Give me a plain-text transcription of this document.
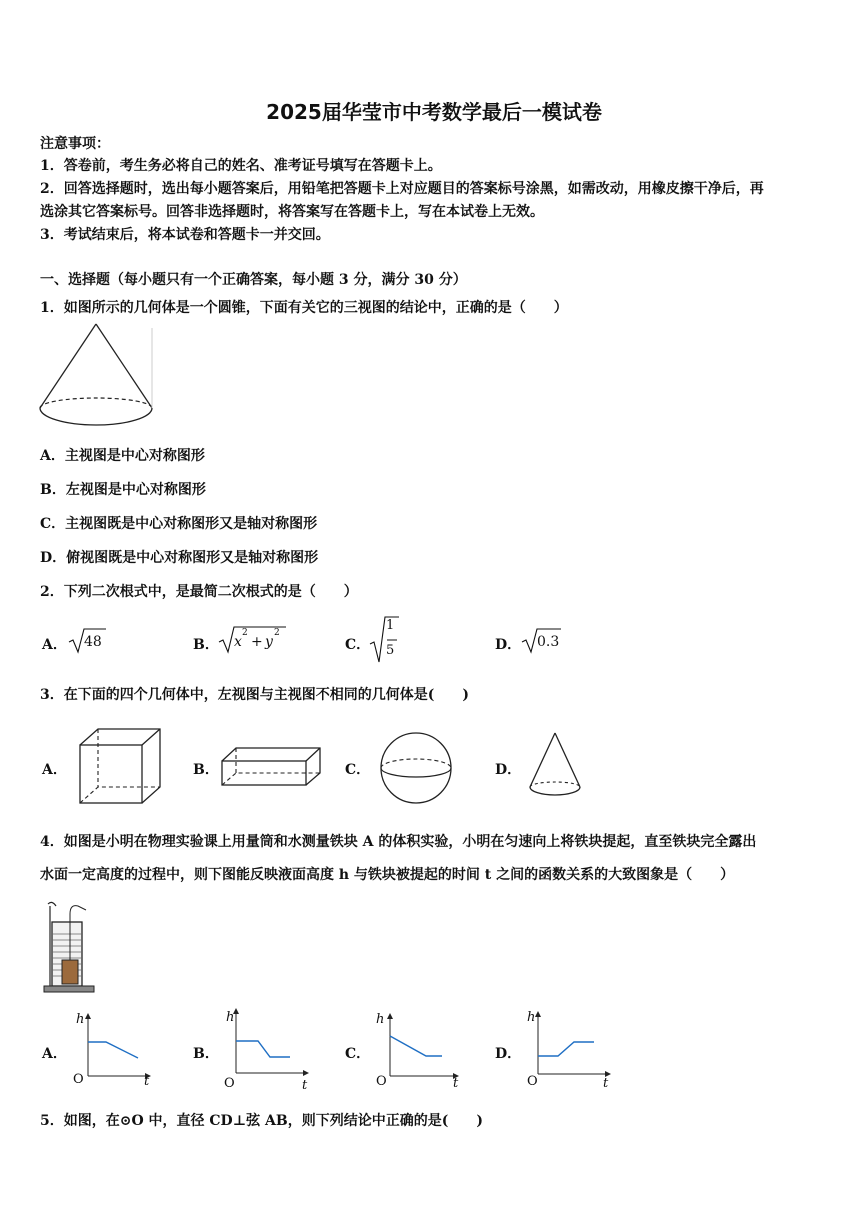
2025届华莹市中考数学最后一模试卷
注意事项：
1．答卷前，考生务必将自己的姓名、准考证号填写在答题卡上。
2．回答选择题时，选出每小题答案后，用铅笔把答题卡上对应题目的答案标号涂黑，如需改动，用橡皮擦干净后，再
选涂其它答案标号。回答非选择题时，将答案写在答题卡上，写在本试卷上无效。
3．考试结束后，将本试卷和答题卡一并交回。
一、选择题（每小题只有一个正确答案，每小题 3 分，满分 30 分）
1．如图所示的几何体是一个圆锥，下面有关它的三视图的结论中，正确的是（　　）
A．主视图是中心对称图形
B．左视图是中心对称图形
C．主视图既是中心对称图形又是轴对称图形
D．俯视图既是中心对称图形又是轴对称图形
2．下列二次根式中，是最简二次根式的是（　　）
A． 48	B． x
2
+ y
2
C．
1
5	D． 0.3
3．在下面的四个几何体中，左视图与主视图不相同的几何体是(　　)
A．	B．	C．	D．
4．如图是小明在物理实验课上用量筒和水测量铁块 A 的体积实验，小明在匀速向上将铁块提起，直至铁块完全露出
水面一定高度的过程中，则下图能反映液面高度 h 与铁块被提起的时间 t 之间的函数关系的大致图象是（　　）
A．
h
t
O
B．
h
t
O
C．
h
t
O
D．
h
t
O
5．如图，在⊙O 中，直径 CD⊥弦 AB，则下列结论中正确的是(　　)
